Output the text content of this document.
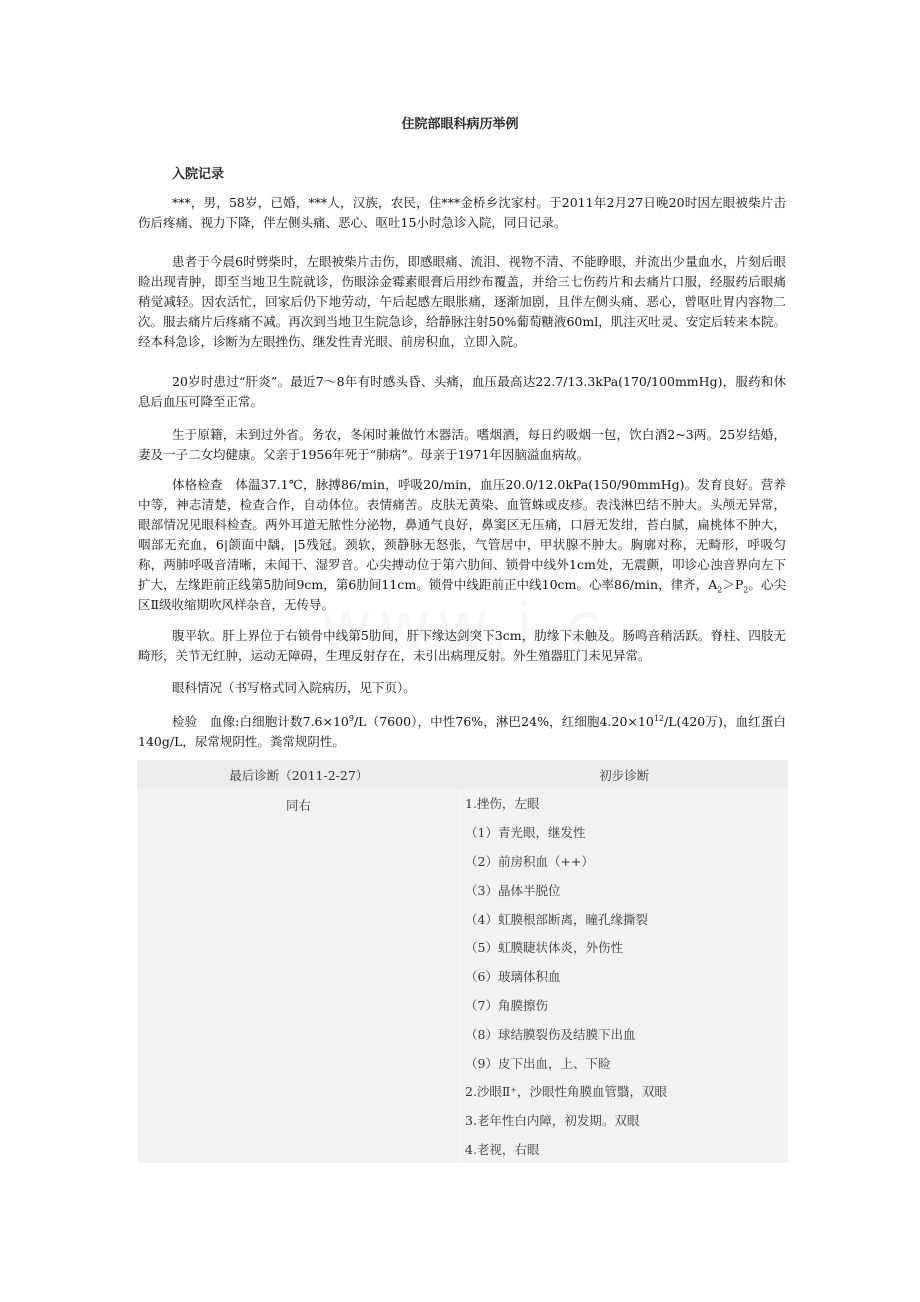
住院部眼科病历举例
入院记录

***，男，58岁，已婚，***人，汉族，农民，住***金桥乡沈家村。于2011年2月27日晚20时因左眼被柴片击伤后疼痛、视力下降，伴左侧头痛、恶心、呕吐15小时急诊入院，同日记录。

患者于今晨6时劈柴时，左眼被柴片击伤，即感眼痛、流泪、视物不清、不能睁眼，并流出少量血水，片刻后眼睑出现青肿，即至当地卫生院就诊，伤眼涂金霉素眼膏后用纱布覆盖，并给三七伤药片和去痛片口服，经服药后眼痛稍觉减轻。因农活忙，回家后仍下地劳动，午后起感左眼胀痛，逐渐加剧，且伴左侧头痛、恶心，曾呕吐胃内容物二次。服去痛片后疼痛不减。再次到当地卫生院急诊，给静脉注射50%葡萄糖液60ml，肌注灭吐灵、安定后转来本院。经本科急诊，诊断为左眼挫伤、继发性青光眼、前房积血，立即入院。

20岁时患过“肝炎”。最近7～8年有时感头昏、头痛，血压最高达22.7/13.3kPa(170/100mmHg)，服药和休息后血压可降至正常。

生于原籍，未到过外省。务农，冬闲时兼做竹木器活。嗜烟酒，每日约吸烟一包，饮白酒2~3两。25岁结婚，妻及一子二女均健康。父亲于1956年死于“肺病”。母亲于1971年因脑溢血病故。

体格检查　体温37.1℃，脉搏86/min，呼吸20/min，血压20.0/12.0kPa(150/90mmHg)。发育良好。营养中等，神志清楚，检查合作，自动体位。表情痛苦。皮肤无黄染、血管蛛或皮疹。表浅淋巴结不肿大。头颅无异常，眼部情况见眼科检查。两外耳道无脓性分泌物，鼻通气良好，鼻窦区无压痛，口唇无发绀，苔白腻，扁桃体不肿大，咽部无充血，6|颌面中龋，|5残冠。颈软，颈静脉无怒张，气管居中，甲状腺不肿大。胸廓对称，无畸形，呼吸匀称，两肺呼吸音清晰，未闻干、湿罗音。心尖搏动位于第六肋间、锁骨中线外1cm处，无震颤，叩诊心浊音界向左下扩大，左缘距前正线第5肋间9cm，第6肋间11cm。锁骨中线距前正中线10cm。心率86/min，律齐，$A_2>P_2$。心尖区Ⅱ级收缩期吹风样杂音，无传导。

腹平软。肝上界位于右锁骨中线第5肋间，肝下缘达剑突下3cm，肋缘下未触及。肠鸣音稍活跃。脊柱、四肢无畸形，关节无红肿，运动无障碍，生理反射存在，未引出病理反射。外生殖器肛门未见异常。

眼科情况（书写格式同入院病历，见下页）。

检验　血像:白细胞计数$7.6\times 10^9/L(7600)$，中性76%，淋巴24%，红细胞$4.20\times 10^{12}/L(420$万)，血红蛋白140g/L，尿常规阴性。粪常规阴性。

最后诊断（2011-2-27）	初步诊断
同右	1.挫伤，左眼
	（1）青光眼，继发性
	（2）前房积血（++）
	（3）晶体半脱位
	（4）虹膜根部断离，瞳孔缘撕裂
	（5）虹膜睫状体炎，外伤性
	（6）玻璃体积血
	（7）角膜擦伤
	（8）球结膜裂伤及结膜下出血
	（9）皮下出血，上、下睑
	2.沙眼Ⅱ⁺，沙眼性角膜血管翳，双眼
	3.老年性白内障，初发期。双眼
	4.老视，右眼
